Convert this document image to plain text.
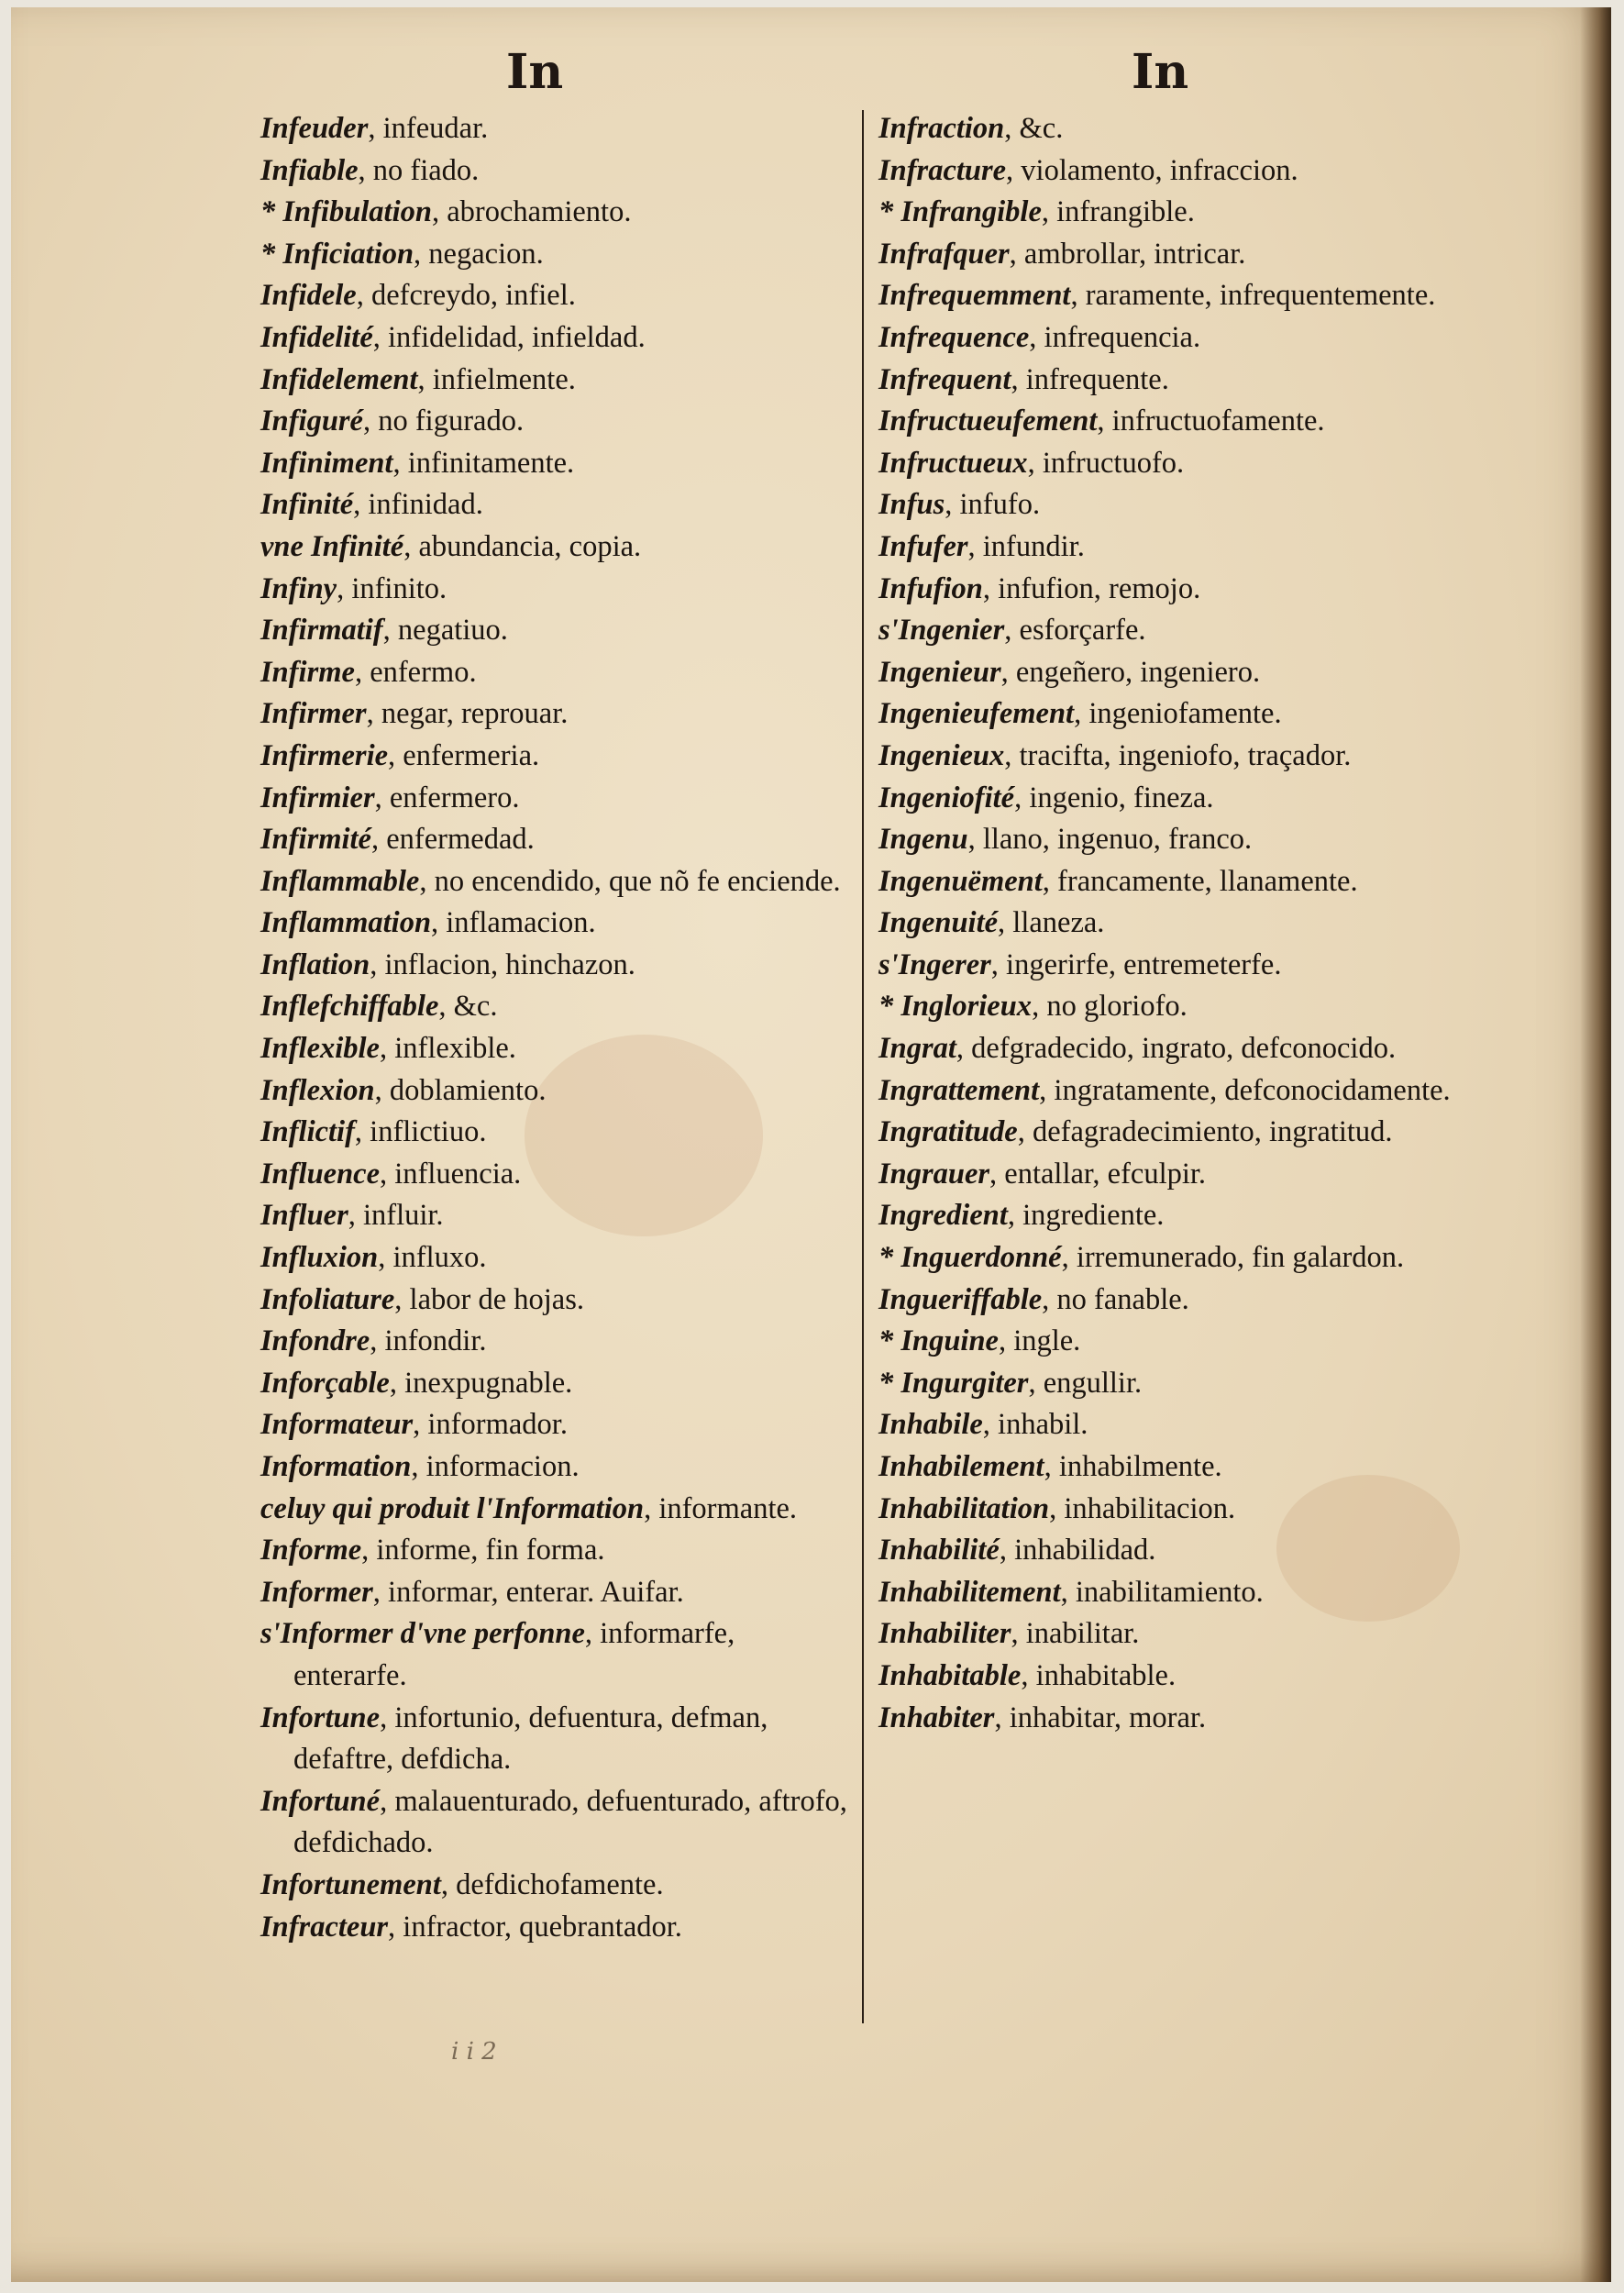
In	In

Infeuder, infeudar.

Infiable, no fiado.

* Infibulation, abrochamiento.

* Inficiation, negacion.

Infidele, defcreydo, infiel.

Infidelité, infidelidad, infieldad.

Infidelement, infielmente.

Infiguré, no figurado.

Infiniment, infinitamente.

Infinité, infinidad.

vne Infinité, abundancia, copia.

Infiny, infinito.

Infirmatif, negatiuo.

Infirme, enfermo.

Infirmer, negar, reprouar.

Infirmerie, enfermeria.

Infirmier, enfermero.

Infirmité, enfermedad.

Inflammable, no encendido, que nõ fe enciende.

Inflammation, inflamacion.

Inflation, inflacion, hinchazon.

Inflefchiffable, &c.

Inflexible, inflexible.

Inflexion, doblamiento.

Inflictif, inflictiuo.

Influence, influencia.

Influer, influir.

Influxion, influxo.

Infoliature, labor de hojas.

Infondre, infondir.

Inforçable, inexpugnable.

Informateur, informador.

Information, informacion.

celuy qui produit l'Information, informante.

Informe, informe, fin forma.

Informer, informar, enterar. Auifar.

s'Informer d'vne perfonne, informarfe, enterarfe.

Infortune, infortunio, defuentura, defman, defaftre, defdicha.

Infortuné, malauenturado, defuenturado, aftrofo, defdichado.

Infortunement, defdichofamente.

Infracteur, infractor, quebrantador.

Infraction, &c.

Infracture, violamento, infraccion.

* Infrangible, infrangible.

Infrafquer, ambrollar, intricar.

Infrequemment, raramente, infrequentemente.

Infrequence, infrequencia.

Infrequent, infrequente.

Infructueufement, infructuofamente.

Infructueux, infructuofo.

Infus, infufo.

Infufer, infundir.

Infufion, infufion, remojo.

s'Ingenier, esforçarfe.

Ingenieur, engeñero, ingeniero.

Ingenieufement, ingeniofamente.

Ingenieux, tracifta, ingeniofo, traçador.

Ingeniofité, ingenio, fineza.

Ingenu, llano, ingenuo, franco.

Ingenuëment, francamente, llanamente.

Ingenuité, llaneza.

s'Ingerer, ingerirfe, entremeterfe.

* Inglorieux, no gloriofo.

Ingrat, defgradecido, ingrato, defconocido.

Ingrattement, ingratamente, defconocidamente.

Ingratitude, defagradecimiento, ingratitud.

Ingrauer, entallar, efculpir.

Ingredient, ingrediente.

* Inguerdonné, irremunerado, fin galardon.

Ingueriffable, no fanable.

* Inguine, ingle.

* Ingurgiter, engullir.

Inhabile, inhabil.

Inhabilement, inhabilmente.

Inhabilitation, inhabilitacion.

Inhabilité, inhabilidad.

Inhabilitement, inabilitamiento.

Inhabiliter, inabilitar.

Inhabitable, inhabitable.

Inhabiter, inhabitar, morar.

i i 2
